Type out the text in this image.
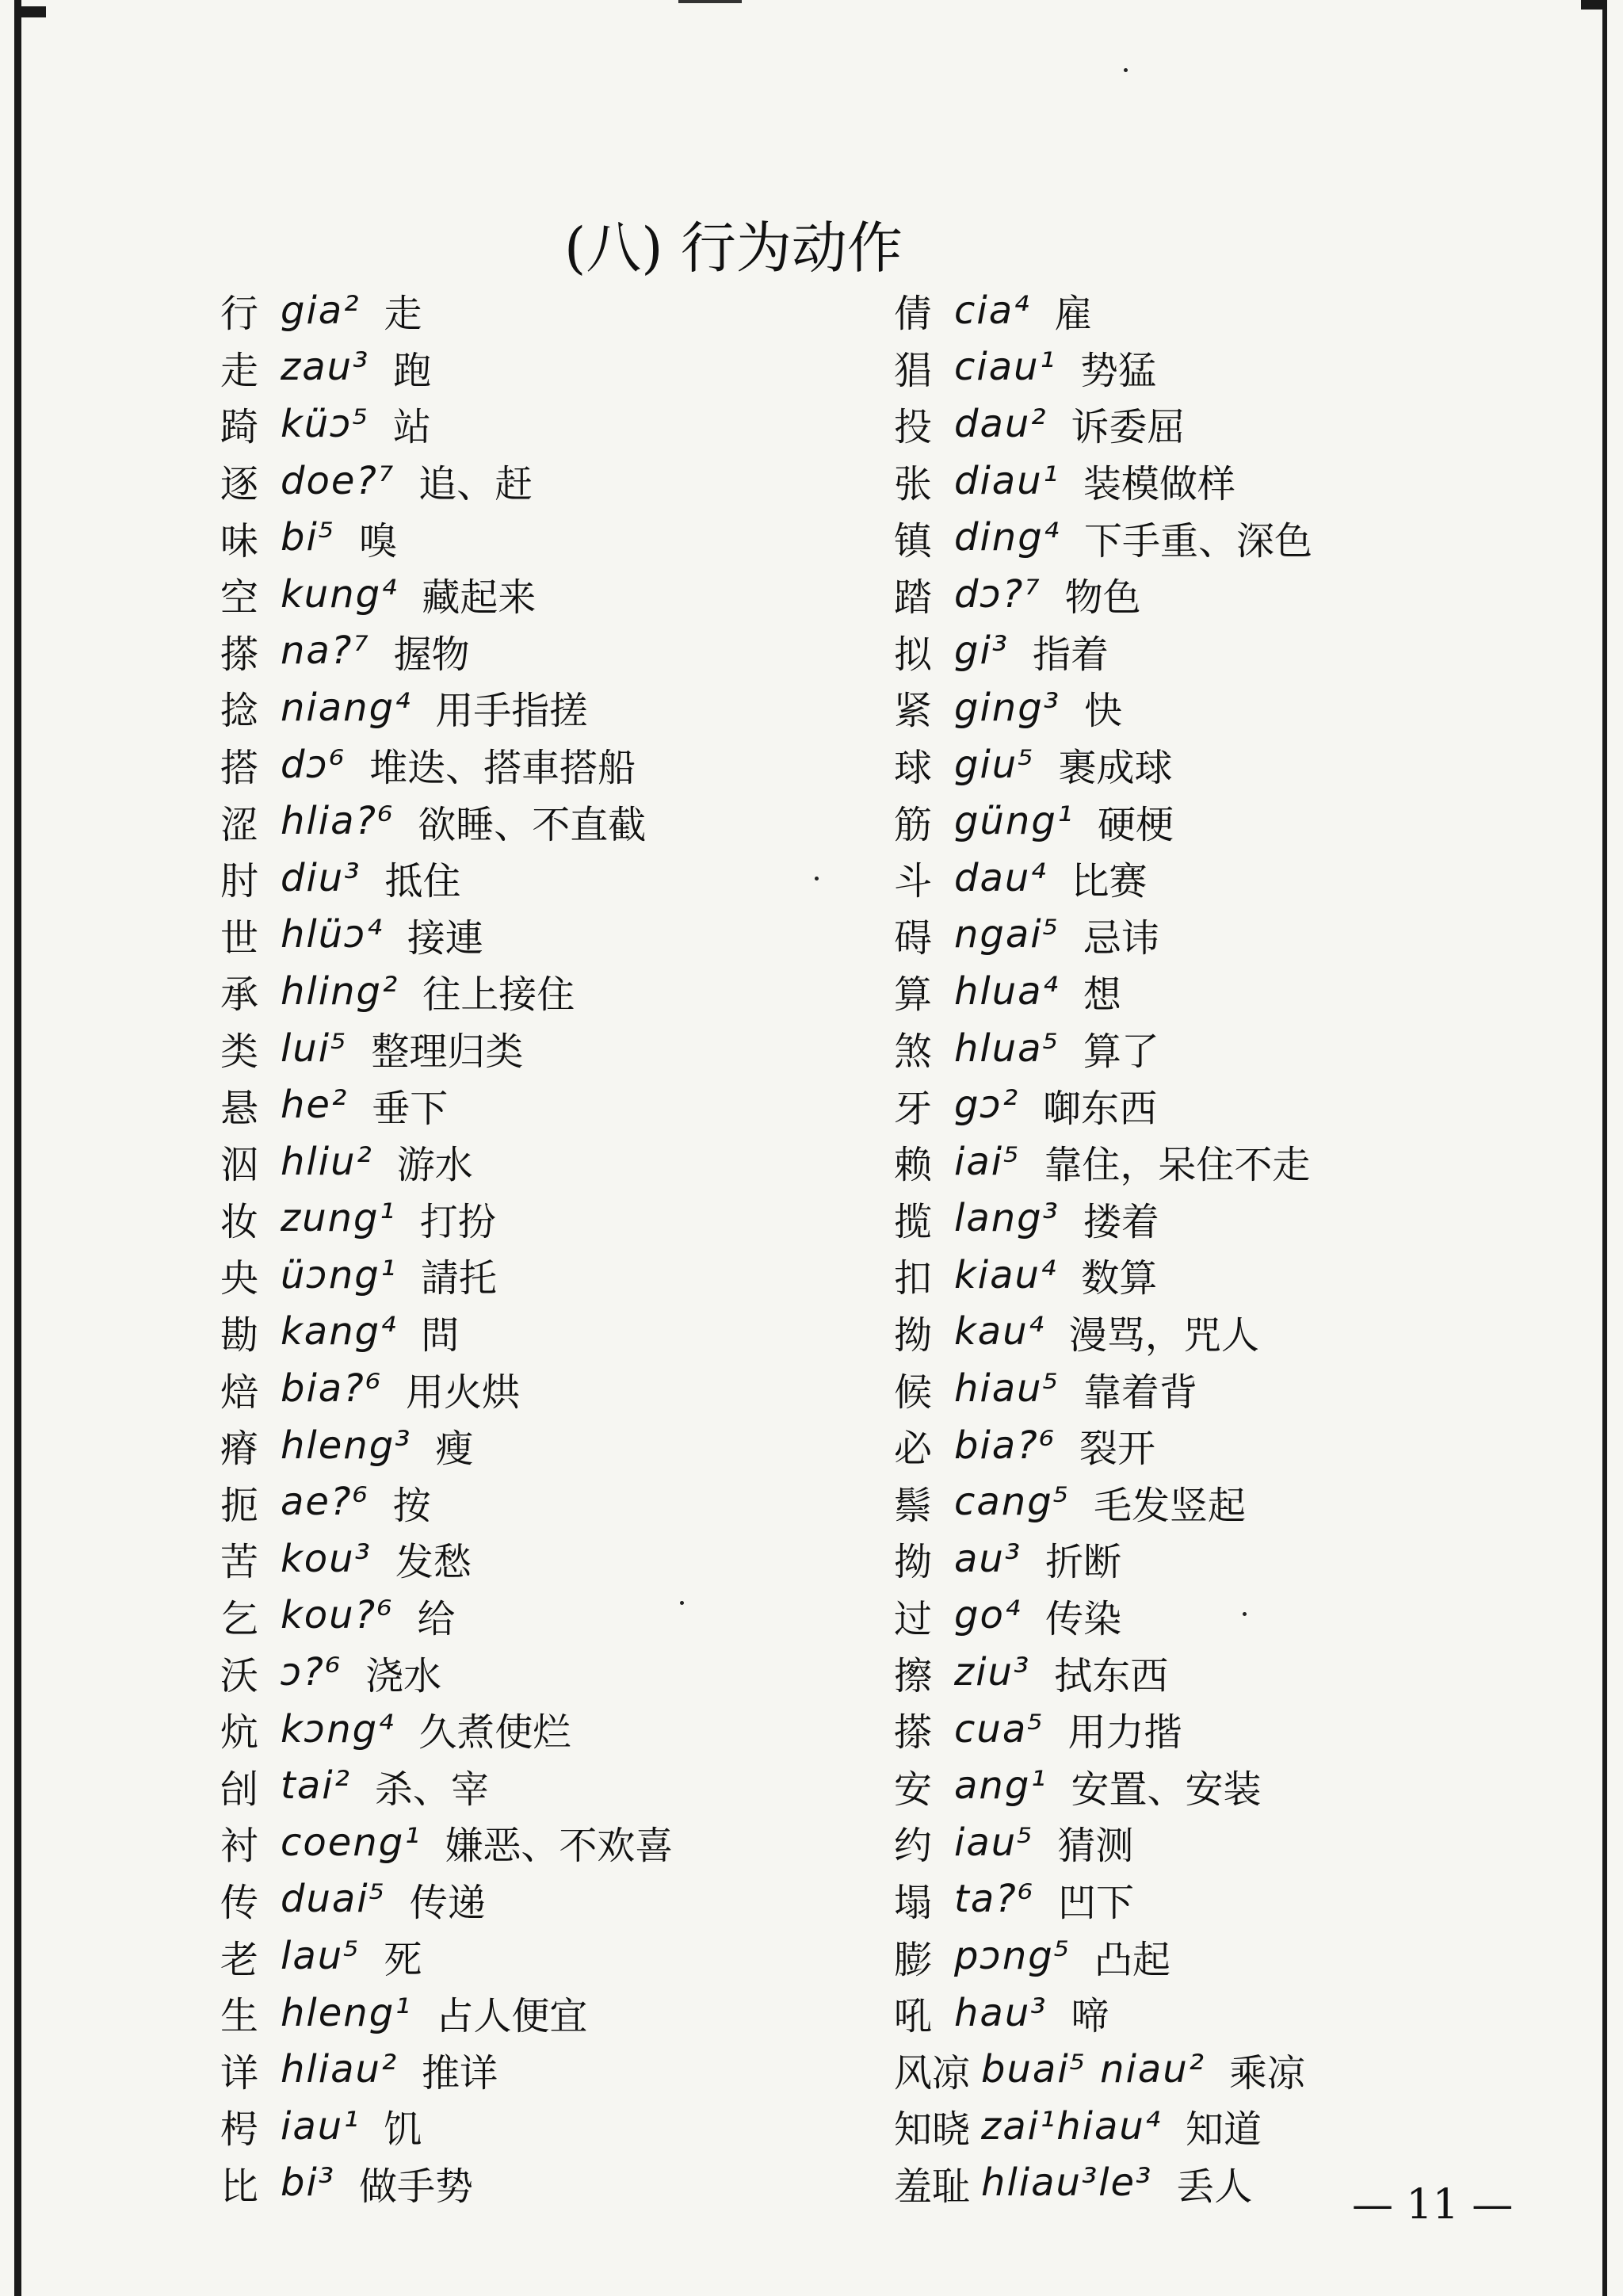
(八) 行为动作
行 gia² 走
走 zau³ 跑
踦 küɔ⁵ 站
逐 doe?⁷ 追、赶
味 bi⁵ 嗅
空 kung⁴ 藏起来
搽 na?⁷ 握物
捻 niang⁴ 用手指搓
搭 dɔ⁶ 堆迭、搭車搭船
涩 hlia?⁶ 欲睡、不直截
肘 diu³ 抵住
世 hlüɔ⁴ 接連
承 hling² 往上接住
类 lui⁵ 整理归类
悬 he² 垂下
泅 hliu² 游水
妆 zung¹ 打扮
央 üɔng¹ 請托
勘 kang⁴ 問
焙 bia?⁶ 用火烘
瘠 hleng³ 瘦
扼 ae?⁶ 按
苦 kou³ 发愁
乞 kou?⁶ 给
沃 ɔ?⁶ 浇水
炕 kɔng⁴ 久煮使烂
刣 tai² 杀、宰
衬 coeng¹ 嫌恶、不欢喜
传 duai⁵ 传递
老 lau⁵ 死
生 hleng¹ 占人便宜
详 hliau² 推详
枵 iau¹ 饥
比 bi³ 做手势
倩 cia⁴ 雇
猖 ciau¹ 势猛
投 dau² 诉委屈
张 diau¹ 装模做样
镇 ding⁴ 下手重、深色
踏 dɔ?⁷ 物色
拟 gi³ 指着
紧 ging³ 快
球 giu⁵ 裹成球
筋 güng¹ 硬梗
斗 dau⁴ 比赛
碍 ngai⁵ 忌讳
算 hlua⁴ 想
煞 hlua⁵ 算了
牙 gɔ² 啣东西
赖 iai⁵ 靠住，呆住不走
揽 lang³ 搂着
扣 kiau⁴ 数算
拗 kau⁴ 漫骂，咒人
候 hiau⁵ 靠着背
必 bia?⁶ 裂开
鬃 cang⁵ 毛发竖起
拗 au³ 折断
过 go⁴ 传染
擦 ziu³ 拭东西
搽 cua⁵ 用力揩
安 ang¹ 安置、安装
约 iau⁵ 猜测
塌 ta?⁶ 凹下
膨 pɔng⁵ 凸起
吼 hau³ 啼
风凉 buai⁵ niau² 乘凉
知晓 zai¹hiau⁴ 知道
羞耻 hliau³le³ 丢人 — 11 —
